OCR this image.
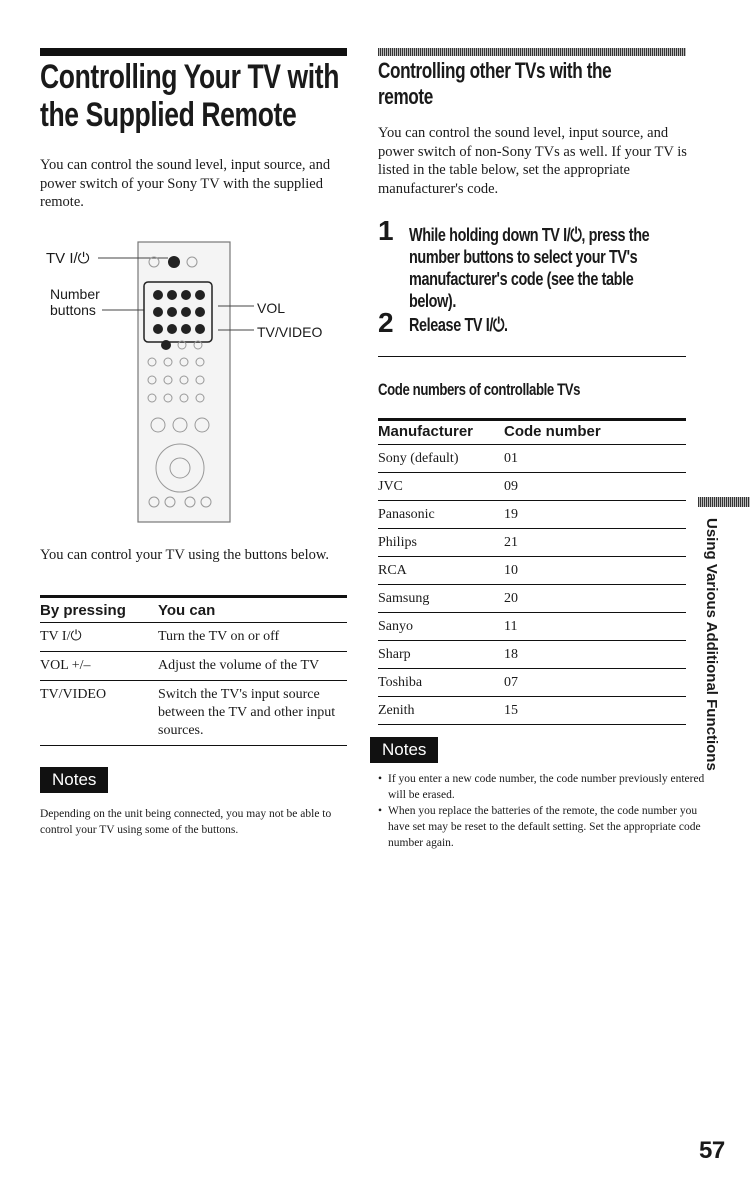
Controlling Your TV with
the Supplied Remote
You can control the sound level, input source, and power switch of your Sony TV with the supplied remote.
TV I/⏻
Number
buttons	VOL
TV/VIDEO
You can control your TV using the buttons below.
By pressing	You can
TV I/⏻	Turn the TV on or off
VOL +/–	Adjust the volume of the TV
TV/VIDEO	Switch the TV's input source between the TV and other input sources.
Notes
Depending on the unit being connected, you may not be able to control your TV using some of the buttons.
Controlling other TVs with the
remote
You can control the sound level, input source, and power switch of non-Sony TVs as well. If your TV is listed in the table below, set the appropriate manufacturer's code.
1 While holding down TV I/⏻, press the
number buttons to select your TV's
manufacturer's code (see the table
below).
2 Release TV I/⏻.
Code numbers of controllable TVs
Manufacturer	Code number
Sony (default)	01
JVC	09
Panasonic	19
Philips	21
RCA	10
Samsung	20
Sanyo	11
Sharp	18
Toshiba	07
Zenith	15
Notes
• If you enter a new code number, the code number previously entered will be erased.
• When you replace the batteries of the remote, the code number you have set may be reset to the default setting. Set the appropriate code number again.
Using Various Additional Functions
57
